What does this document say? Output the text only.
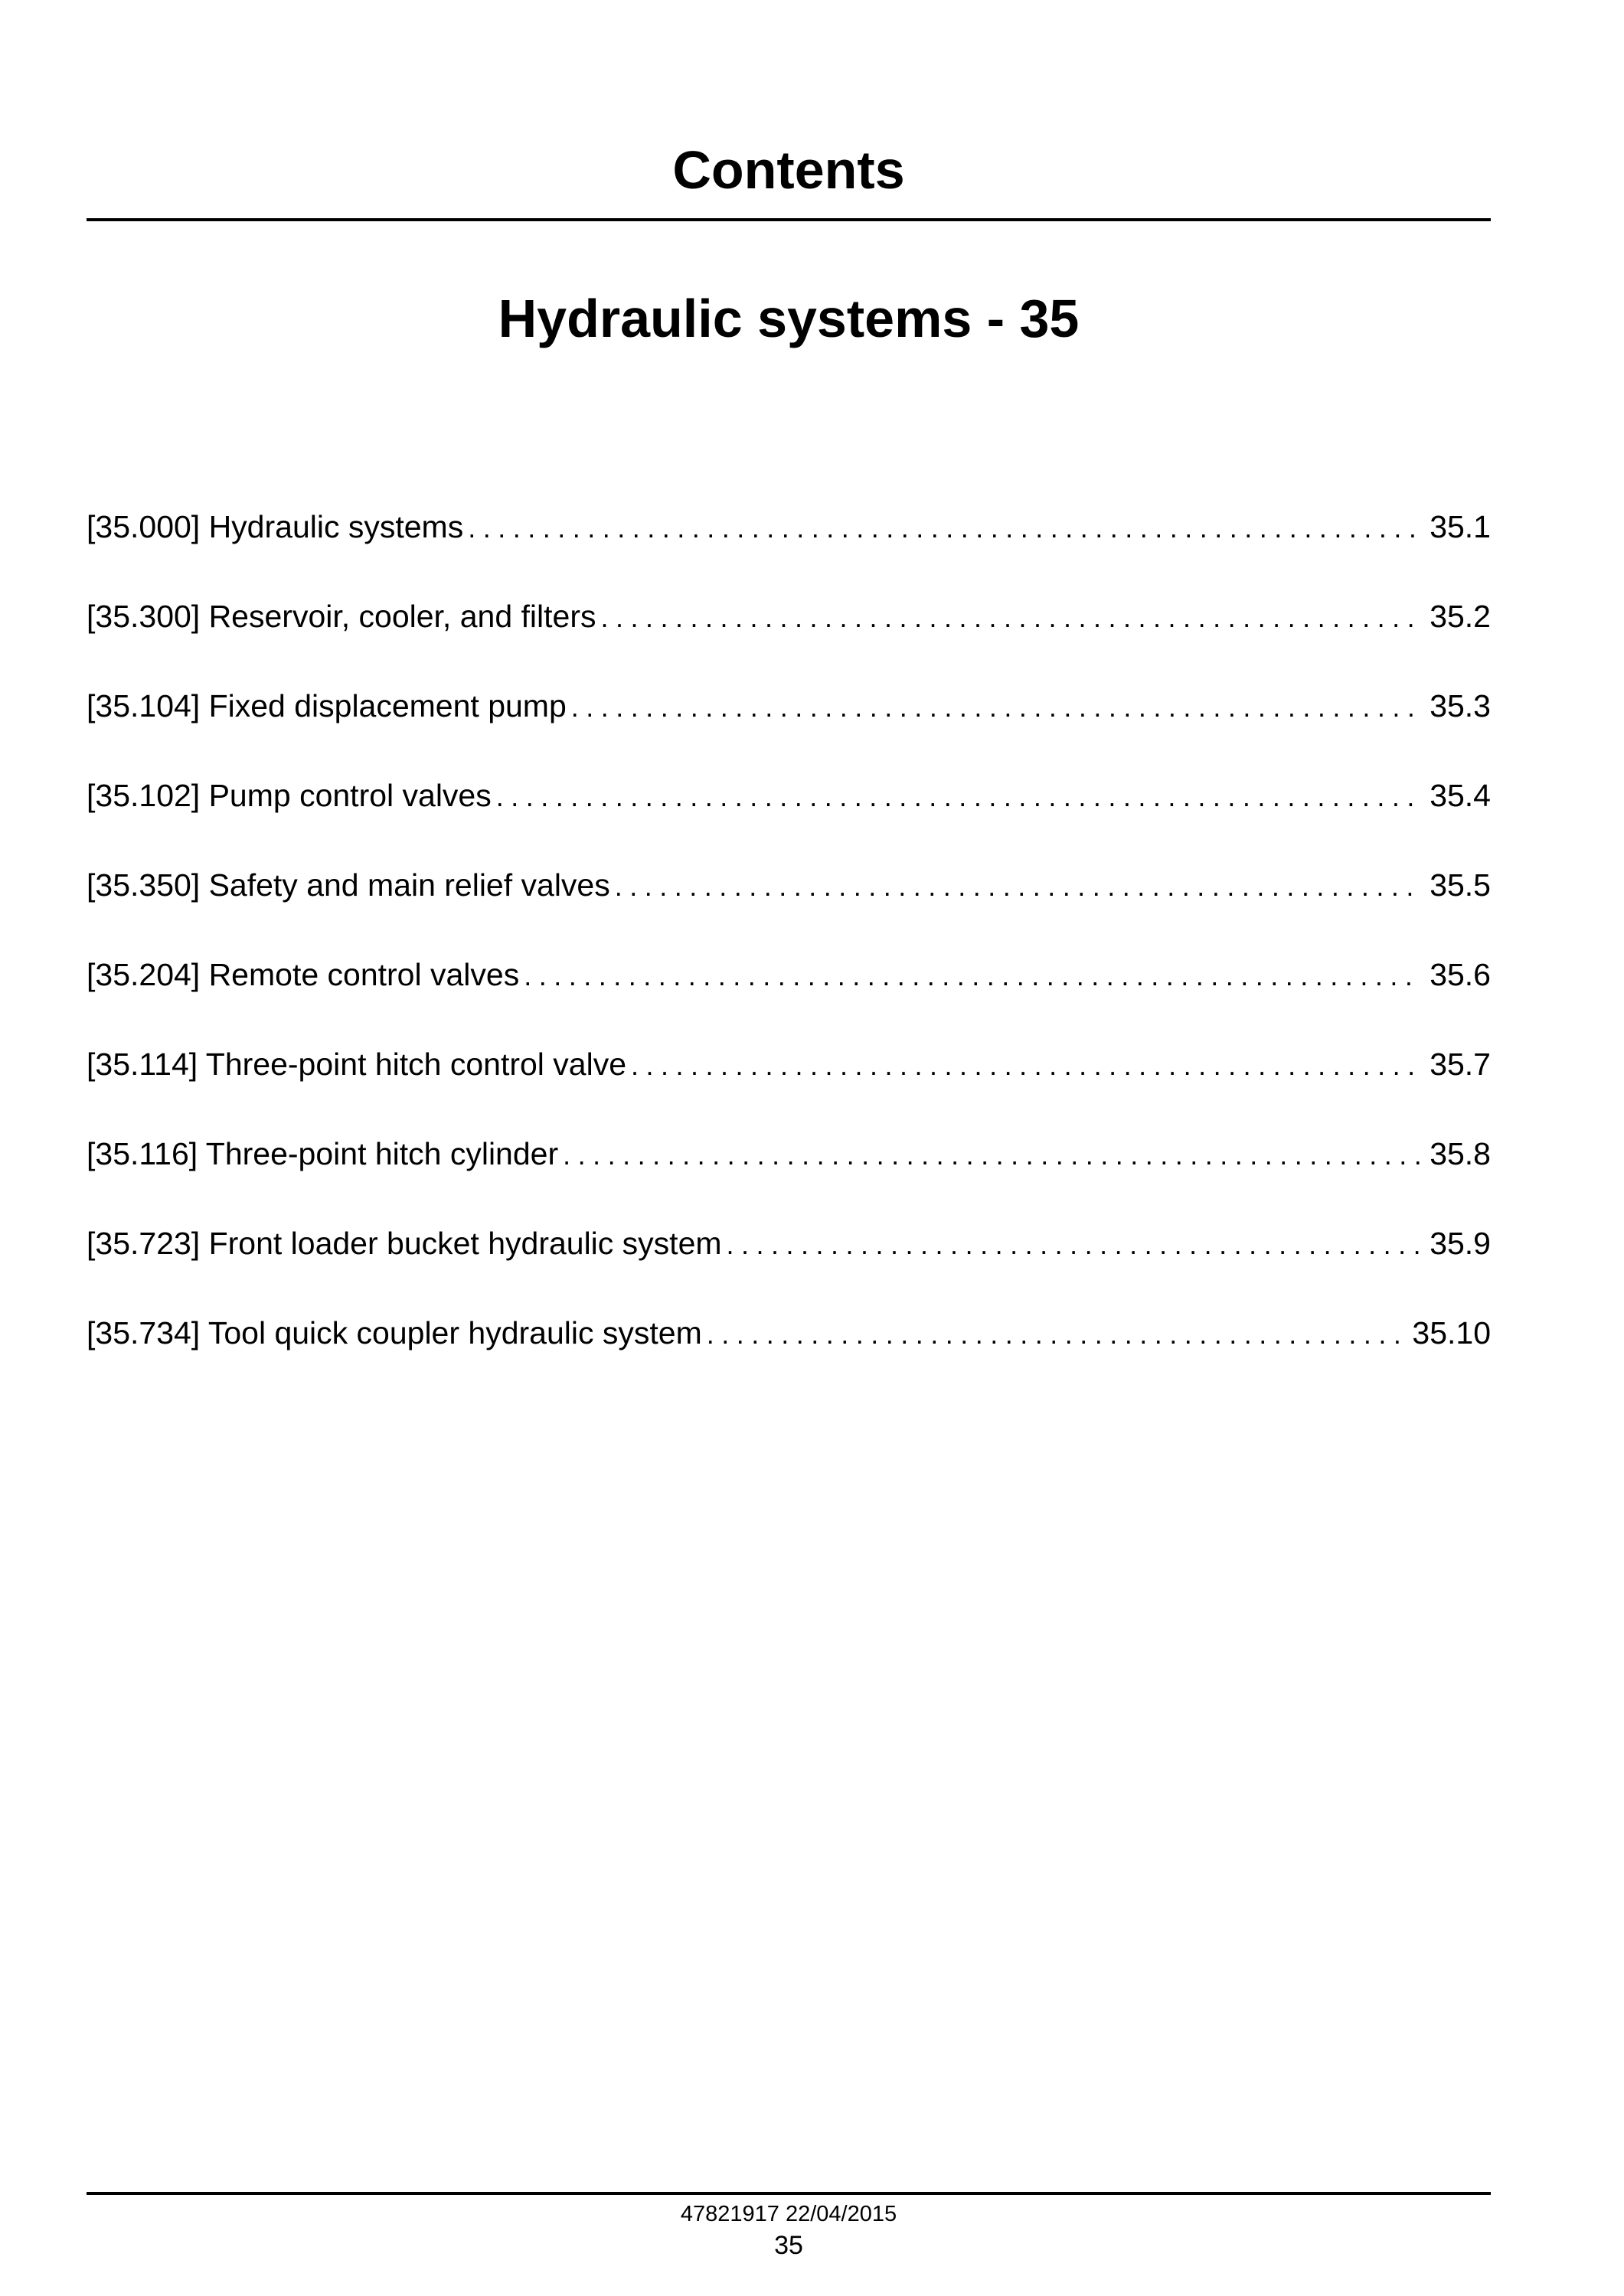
Contents
Hydraulic systems - 35
[35.000] Hydraulic systems .....	35.1
[35.300] Reservoir, cooler, and filters .....	35.2
[35.104] Fixed displacement pump .....	35.3
[35.102] Pump control valves .....	35.4
[35.350] Safety and main relief valves .....	35.5
[35.204] Remote control valves .....	35.6
[35.114] Three-point hitch control valve .....	35.7
[35.116] Three-point hitch cylinder .....	35.8
[35.723] Front loader bucket hydraulic system .....	35.9
[35.734] Tool quick coupler hydraulic system .....	35.10
47821917 22/04/2015
35
